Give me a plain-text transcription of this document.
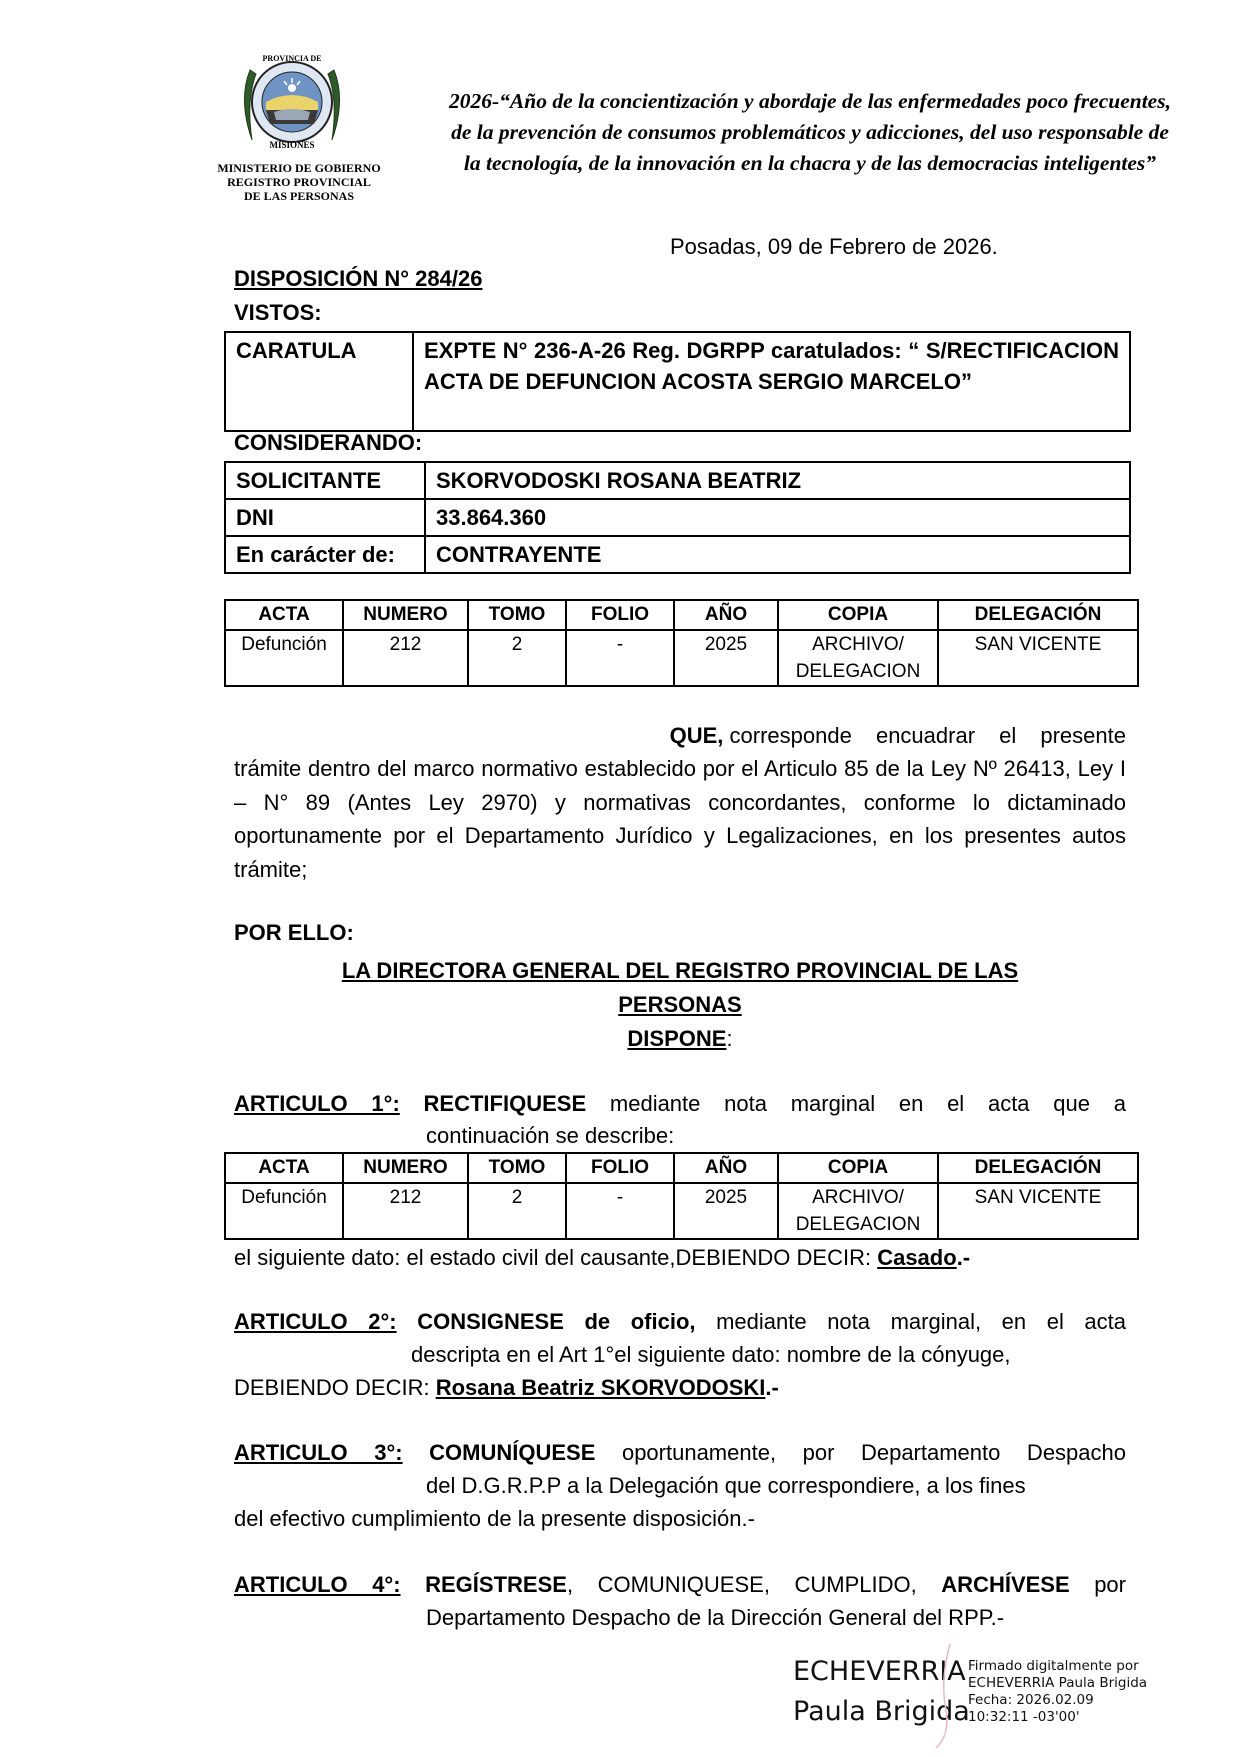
PROVINCIA DE
MISIONES
MINISTERIO DE GOBIERNO
REGISTRO PROVINCIAL
DE LAS PERSONAS
2026-“Año de la concientización y abordaje de las enfermedades poco frecuentes,
de la prevención de consumos problemáticos y adicciones, del uso responsable de
la tecnología, de la innovación en la chacra y de las democracias inteligentes”
Posadas, 09 de Febrero de 2026.
DISPOSICIÓN N° 284/26
VISTOS:
CARATULA	EXPTE N° 236-A-26 Reg. DGRPP caratulados: “ S/RECTIFICACION ACTA DE DEFUNCION ACOSTA SERGIO MARCELO”
CONSIDERANDO:
SOLICITANTE	SKORVODOSKI ROSANA BEATRIZ
DNI	33.864.360
En carácter de:	CONTRAYENTE
ACTA	NUMERO	TOMO	FOLIO	AÑO	COPIA	DELEGACIÓN
Defunción	212	2	-	2025	ARCHIVO/ DELEGACION	SAN VICENTE
QUE, corresponde encuadrar el presente
trámite dentro del marco normativo establecido por el Articulo 85 de la Ley Nº 26413, Ley I – N° 89 (Antes Ley 2970) y normativas concordantes, conforme lo dictaminado oportunamente por el Departamento Jurídico y Legalizaciones, en los presentes autos trámite;
POR ELLO:
LA DIRECTORA GENERAL DEL REGISTRO PROVINCIAL DE LAS
PERSONAS
DISPONE:
ARTICULO 1°: RECTIFIQUESE mediante nota marginal en el acta que a
continuación se describe:
ACTA	NUMERO	TOMO	FOLIO	AÑO	COPIA	DELEGACIÓN
Defunción	212	2	-	2025	ARCHIVO/ DELEGACION	SAN VICENTE
el siguiente dato: el estado civil del causante,DEBIENDO DECIR: Casado.-
ARTICULO 2°: CONSIGNESE de oficio, mediante nota marginal, en el acta
descripta en el Art 1°el siguiente dato: nombre de la cónyuge,
DEBIENDO DECIR: Rosana Beatriz SKORVODOSKI.-
ARTICULO 3°: COMUNÍQUESE oportunamente, por Departamento Despacho
del D.G.R.P.P a la Delegación que correspondiere, a los fines
del efectivo cumplimiento de la presente disposición.-
ARTICULO 4°: REGÍSTRESE, COMUNIQUESE, CUMPLIDO, ARCHÍVESE por
Departamento Despacho de la Dirección General del RPP.-
ECHEVERRIA
Paula Brigida
Firmado digitalmente por
ECHEVERRIA Paula Brigida
Fecha: 2026.02.09
10:32:11 -03'00'
